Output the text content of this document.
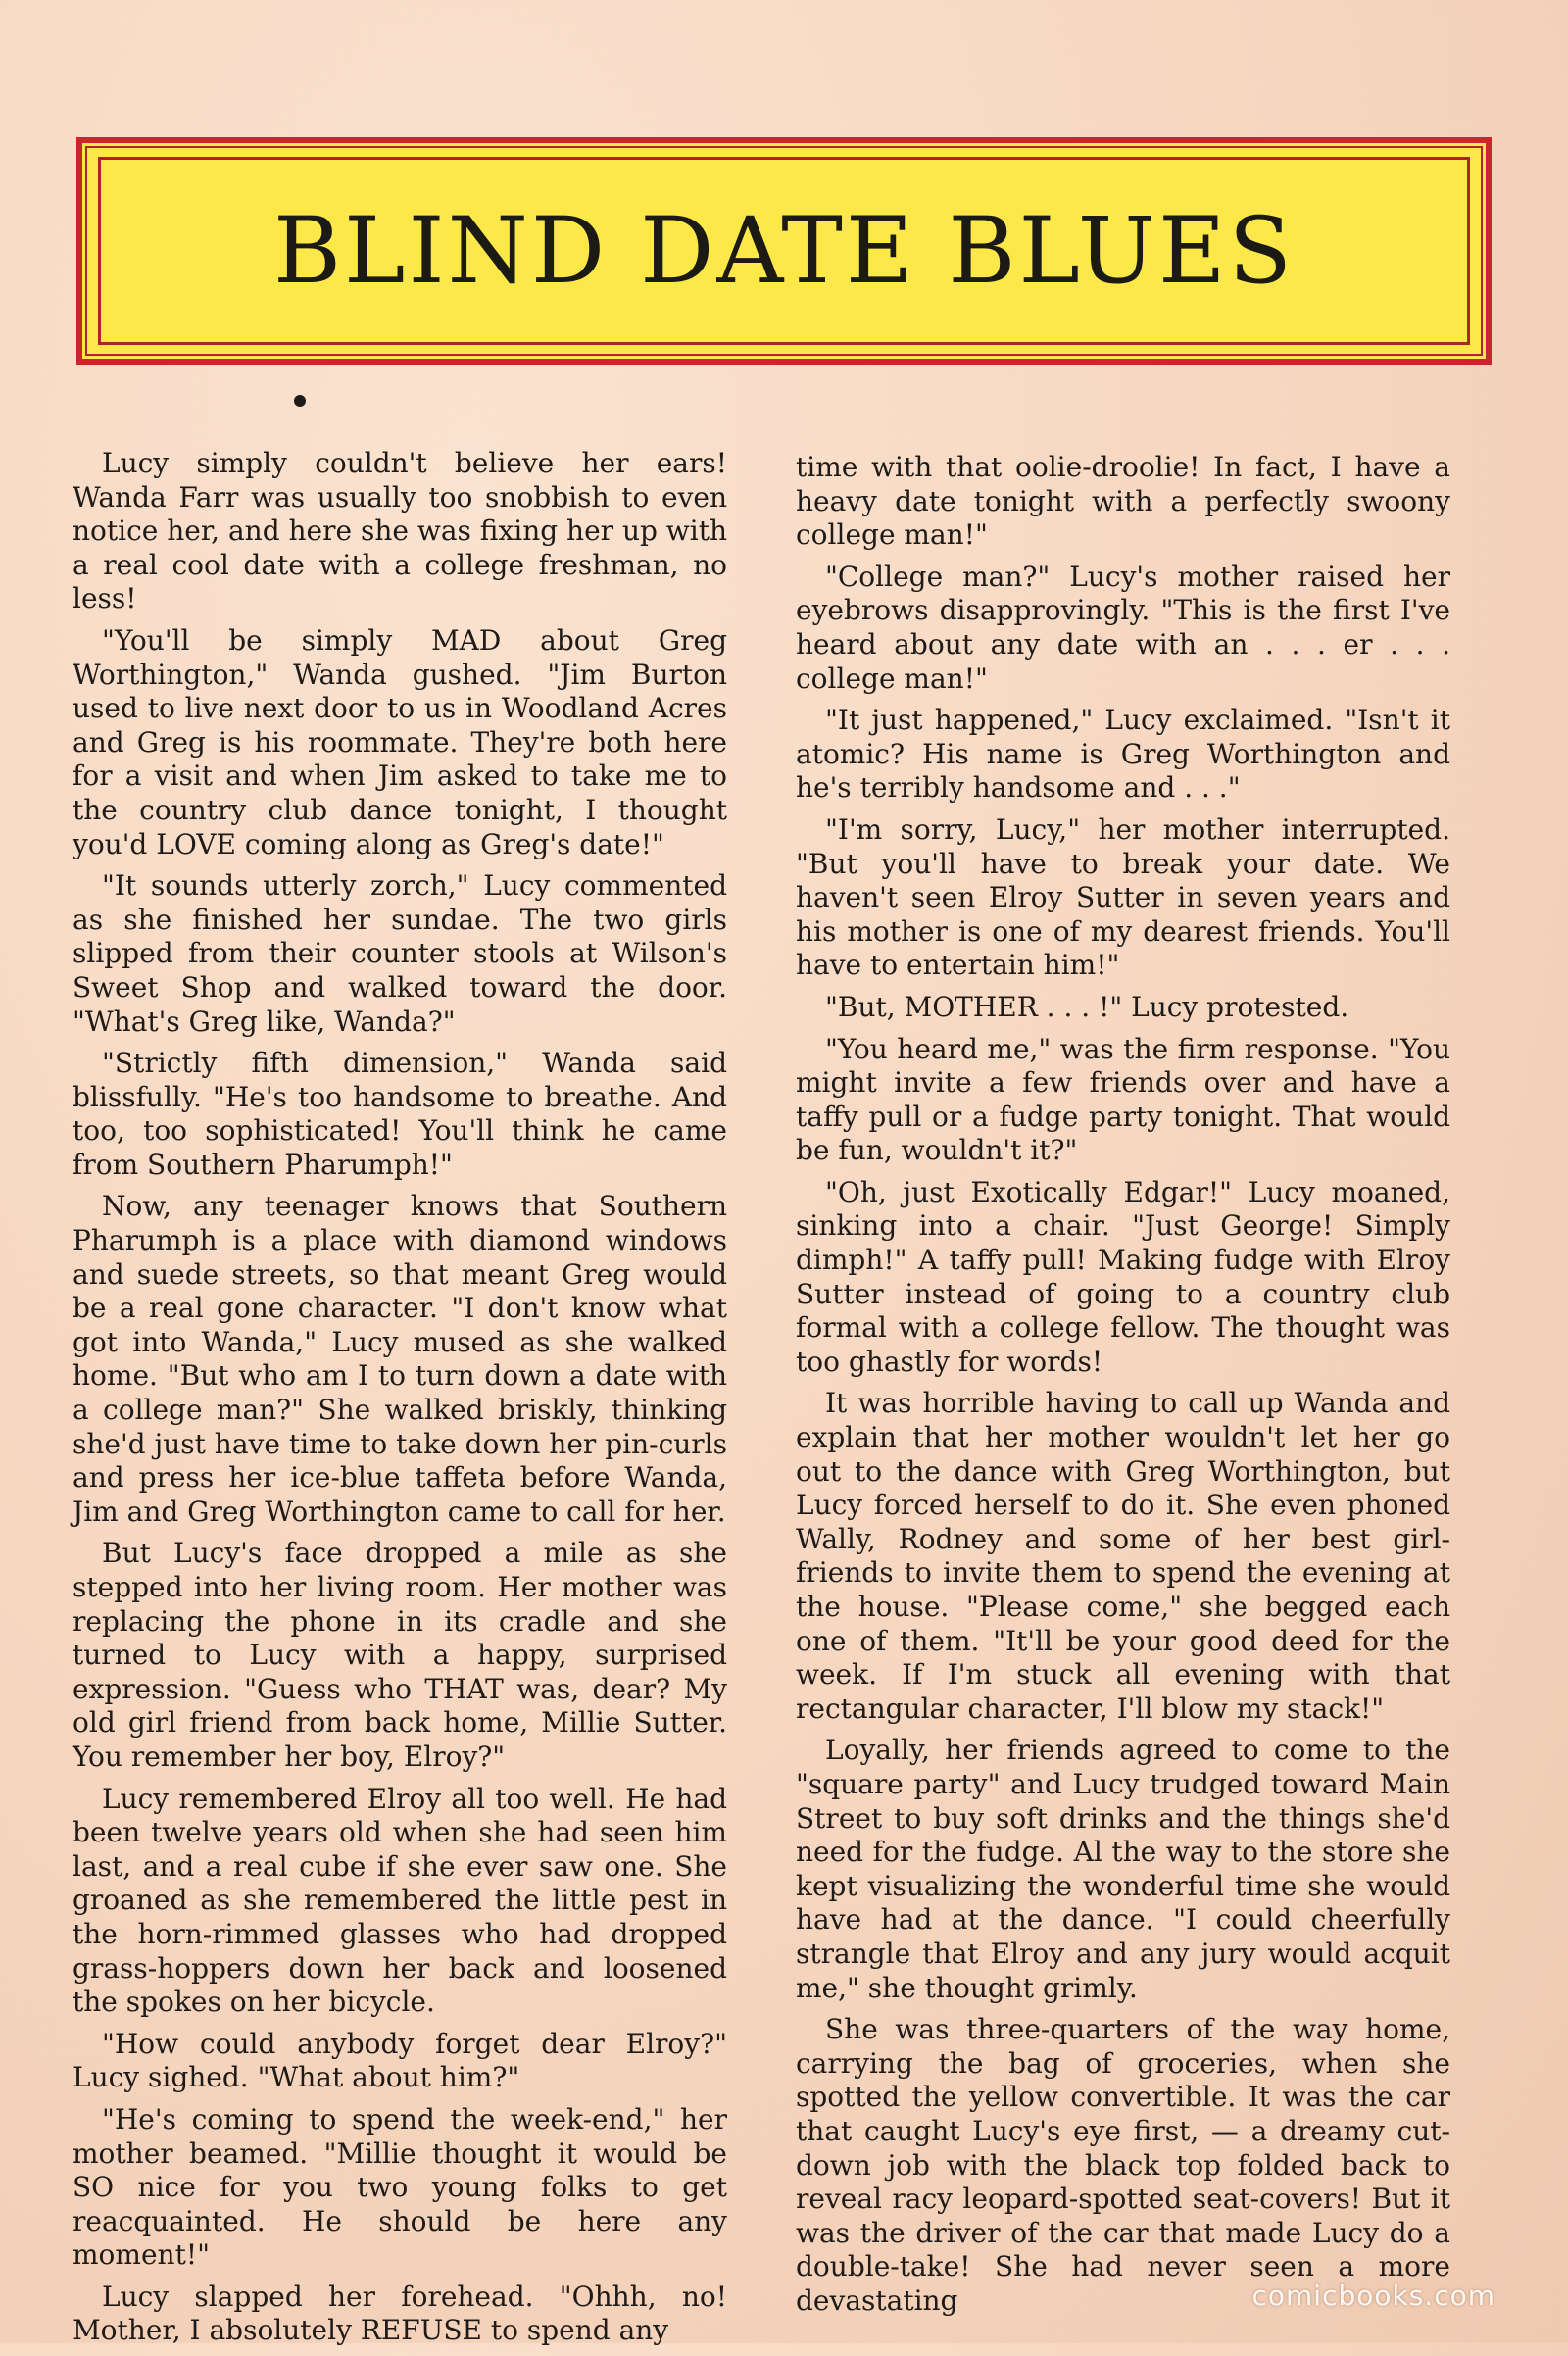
BLIND DATE BLUES

Lucy simply couldn't believe her ears! Wanda Farr was usually too snobbish to even notice her, and here she was fixing her up with a real cool date with a college freshman, no less!

"You'll be simply MAD about Greg Worthington," Wanda gushed. "Jim Burton used to live next door to us in Woodland Acres and Greg is his roommate. They're both here for a visit and when Jim asked to take me to the country club dance tonight, I thought you'd LOVE coming along as Greg's date!"

"It sounds utterly zorch," Lucy commented as she finished her sundae. The two girls slipped from their counter stools at Wilson's Sweet Shop and walked toward the door. "What's Greg like, Wanda?"

"Strictly fifth dimension," Wanda said blissfully. "He's too handsome to breathe. And too, too sophisticated! You'll think he came from Southern Pharumph!"

Now, any teenager knows that Southern Pharumph is a place with diamond windows and suede streets, so that meant Greg would be a real gone character. "I don't know what got into Wanda," Lucy mused as she walked home. "But who am I to turn down a date with a college man?" She walked briskly, thinking she'd just have time to take down her pin-curls and press her ice-blue taffeta before Wanda, Jim and Greg Worthington came to call for her.

But Lucy's face dropped a mile as she stepped into her living room. Her mother was replacing the phone in its cradle and she turned to Lucy with a happy, surprised expression. "Guess who THAT was, dear? My old girl friend from back home, Millie Sutter. You remember her boy, Elroy?"

Lucy remembered Elroy all too well. He had been twelve years old when she had seen him last, and a real cube if she ever saw one. She groaned as she remembered the little pest in the horn-rimmed glasses who had dropped grass-hoppers down her back and loosened the spokes on her bicycle.

"How could anybody forget dear Elroy?" Lucy sighed. "What about him?"

"He's coming to spend the week-end," her mother beamed. "Millie thought it would be SO nice for you two young folks to get reacquainted. He should be here any moment!"

Lucy slapped her forehead. "Ohhh, no! Mother, I absolutely REFUSE to spend any

time with that oolie-droolie! In fact, I have a heavy date tonight with a perfectly swoony college man!"

"College man?" Lucy's mother raised her eyebrows disapprovingly. "This is the first I've heard about any date with an . . . er . . . college man!"

"It just happened," Lucy exclaimed. "Isn't it atomic? His name is Greg Worthington and he's terribly handsome and . . ."

"I'm sorry, Lucy," her mother interrupted. "But you'll have to break your date. We haven't seen Elroy Sutter in seven years and his mother is one of my dearest friends. You'll have to entertain him!"

"But, MOTHER . . . !" Lucy protested.

"You heard me," was the firm response. "You might invite a few friends over and have a taffy pull or a fudge party tonight. That would be fun, wouldn't it?"

"Oh, just Exotically Edgar!" Lucy moaned, sinking into a chair. "Just George! Simply dimph!" A taffy pull! Making fudge with Elroy Sutter instead of going to a country club formal with a college fellow. The thought was too ghastly for words!

It was horrible having to call up Wanda and explain that her mother wouldn't let her go out to the dance with Greg Worthington, but Lucy forced herself to do it. She even phoned Wally, Rodney and some of her best girl-friends to invite them to spend the evening at the house. "Please come," she begged each one of them. "It'll be your good deed for the week. If I'm stuck all evening with that rectangular character, I'll blow my stack!"

Loyally, her friends agreed to come to the "square party" and Lucy trudged toward Main Street to buy soft drinks and the things she'd need for the fudge. Al the way to the store she kept visualizing the wonderful time she would have had at the dance. "I could cheerfully strangle that Elroy and any jury would acquit me," she thought grimly.

She was three-quarters of the way home, carrying the bag of groceries, when she spotted the yellow convertible. It was the car that caught Lucy's eye first, — a dreamy cut-down job with the black top folded back to reveal racy leopard-spotted seat-covers! But it was the driver of the car that made Lucy do a double-take! She had never seen a more devastating	comicbooks.com
